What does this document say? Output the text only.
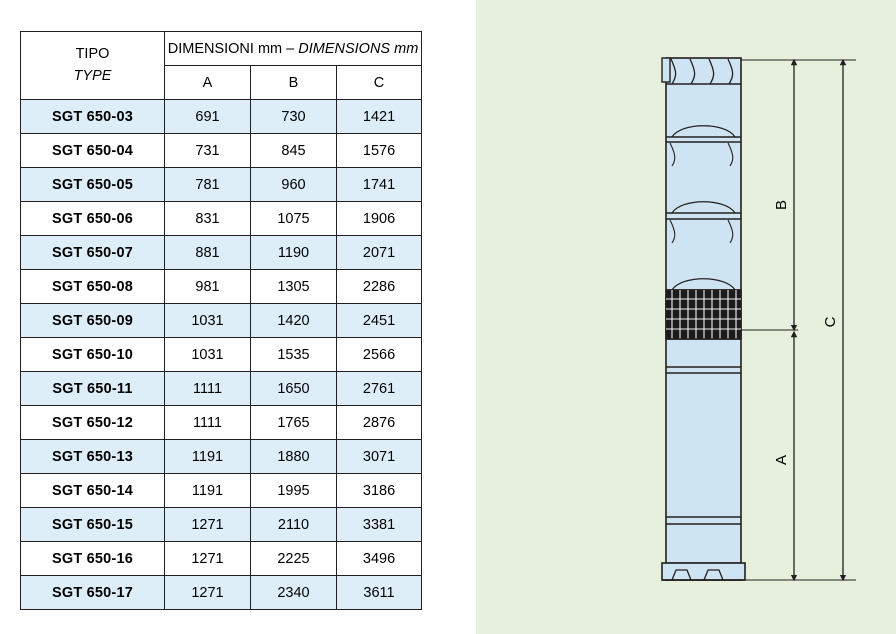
TIPO
TYPE	DIMENSIONI mm – DIMENSIONS mm		
	A	B	C
SGT 650-03	691	730	1421
SGT 650-04	731	845	1576
SGT 650-05	781	960	1741
SGT 650-06	831	1075	1906
SGT 650-07	881	1190	2071
SGT 650-08	981	1305	2286
SGT 650-09	1031	1420	2451
SGT 650-10	1031	1535	2566
SGT 650-11	1111	1650	2761
SGT 650-12	1111	1765	2876
SGT 650-13	1191	1880	3071
SGT 650-14	1191	1995	3186
SGT 650-15	1271	2110	3381
SGT 650-16	1271	2225	3496
SGT 650-17	1271	2340	3611
B
A
C
